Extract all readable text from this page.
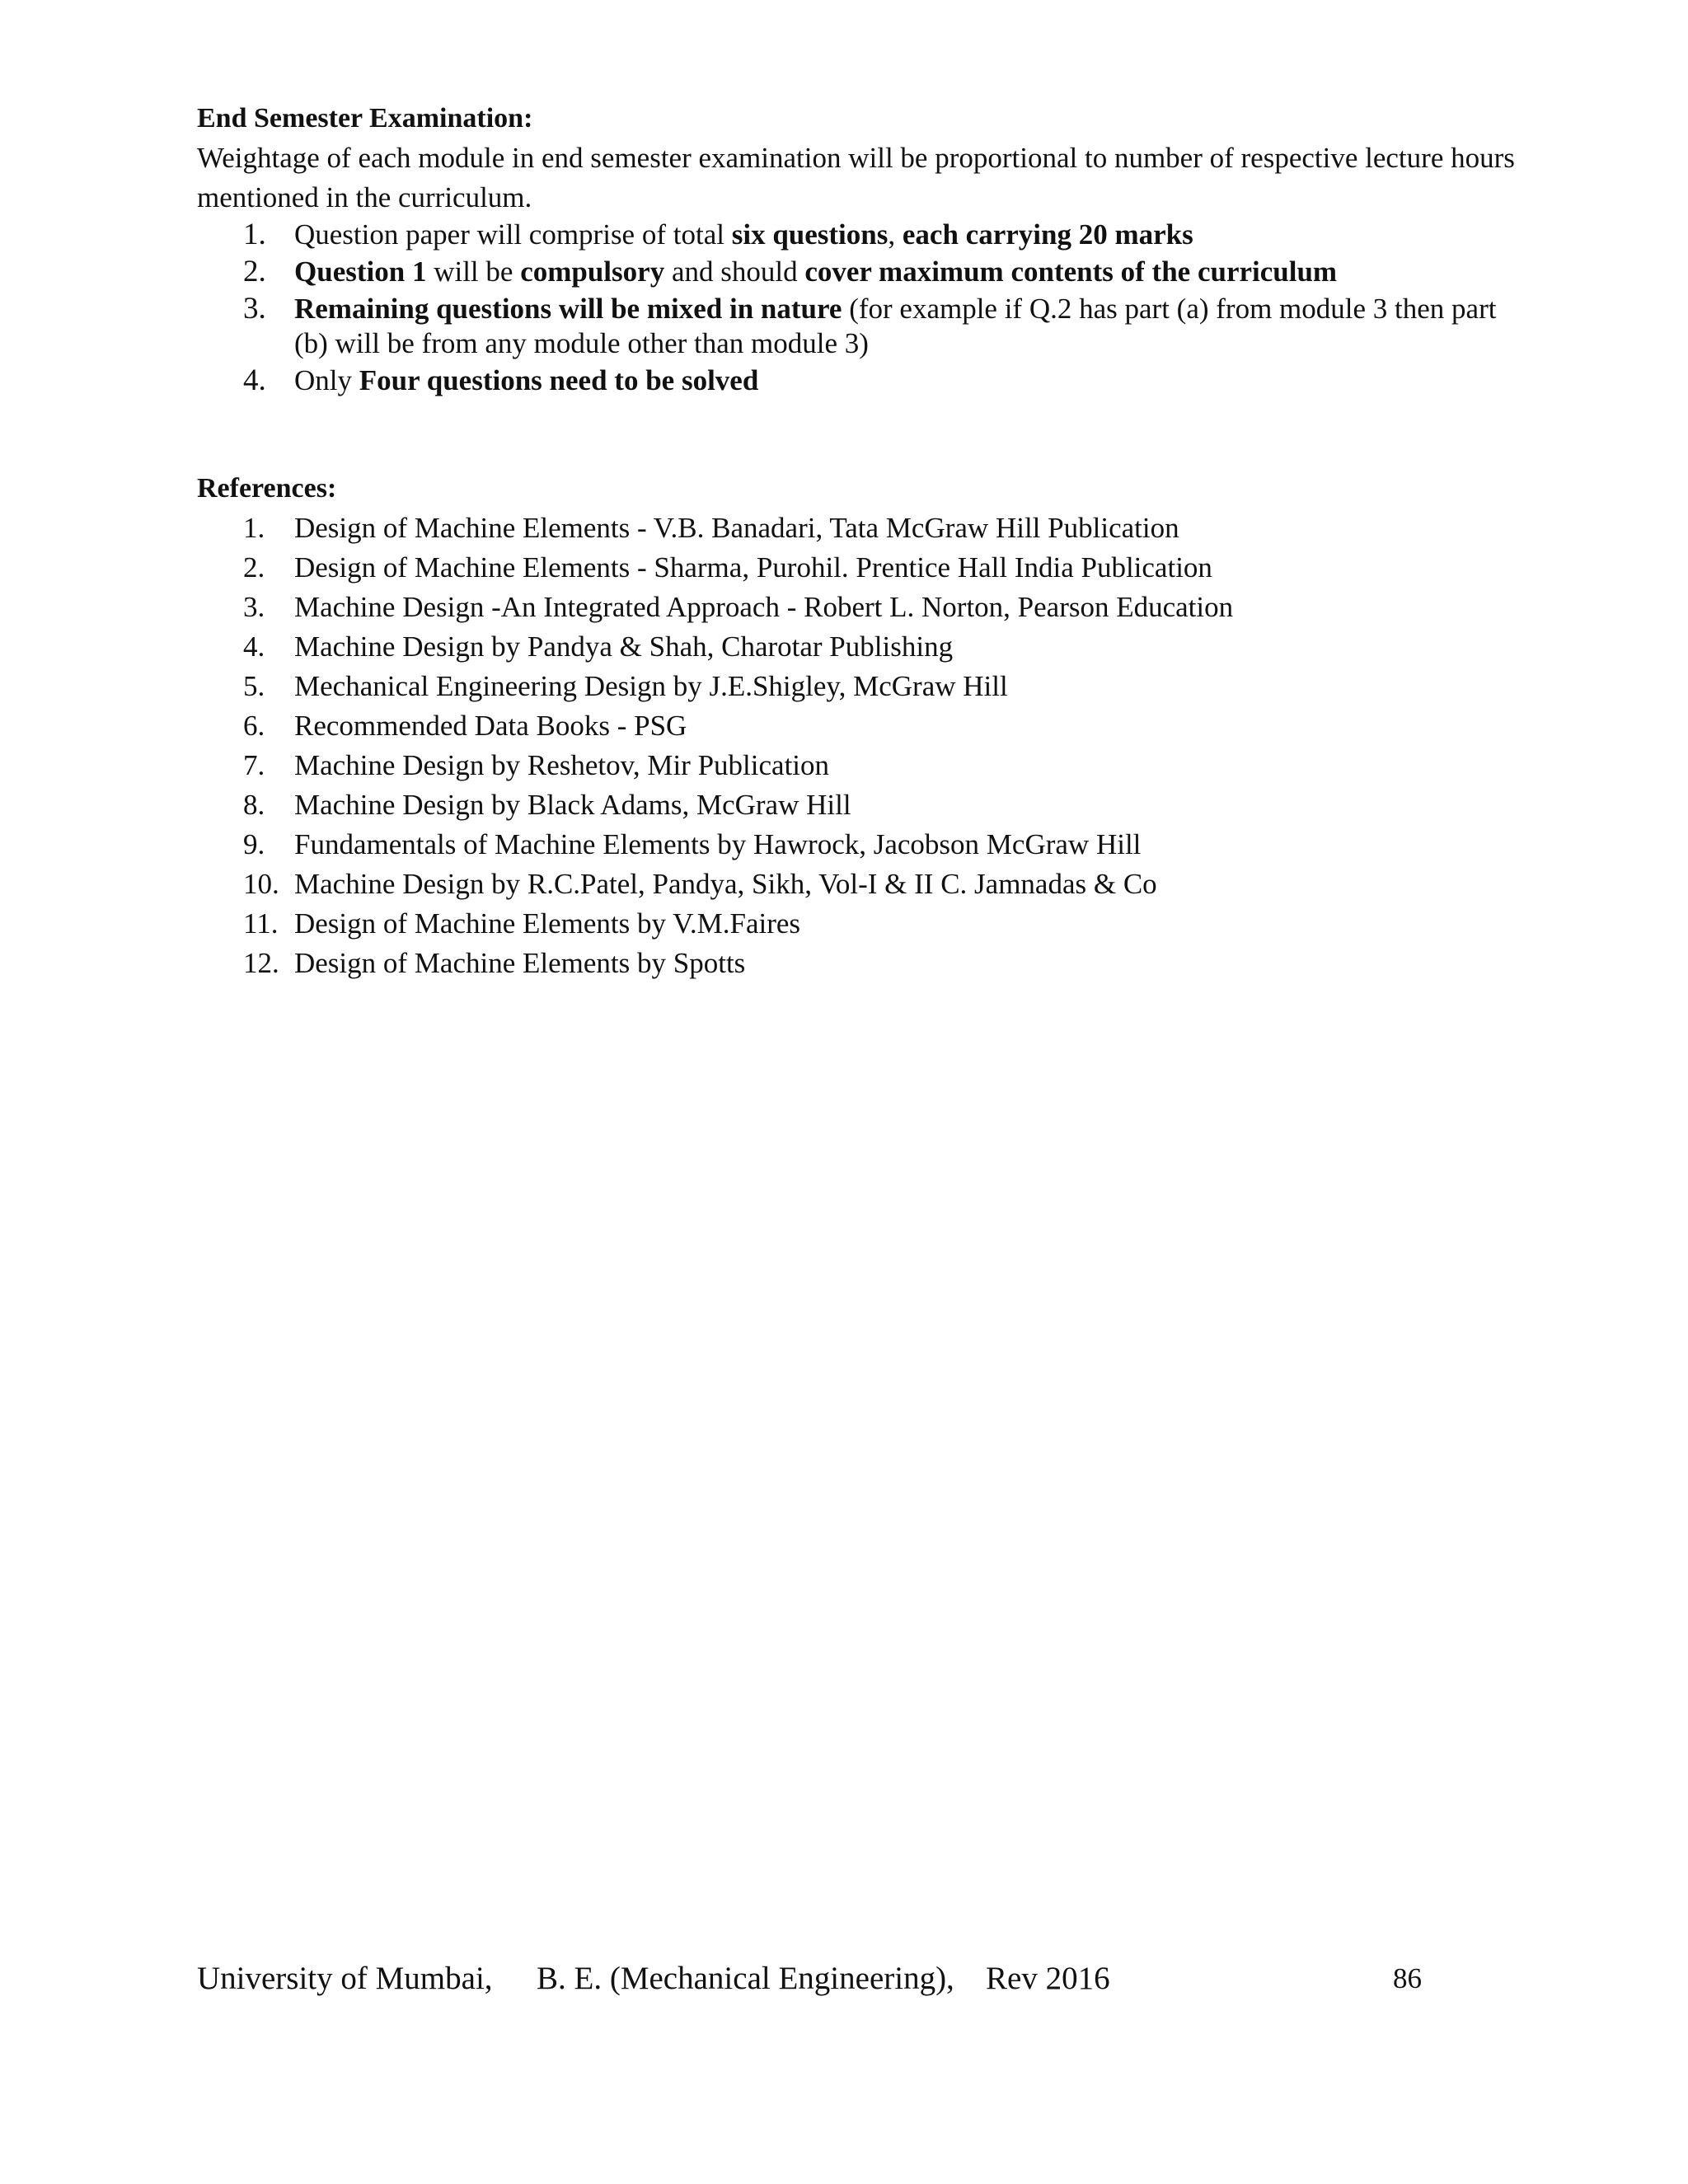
End Semester Examination:

Weightage of each module in end semester examination will be proportional to number of respective lecture hours mentioned in the curriculum.

1. Question paper will comprise of total six questions, each carrying 20 marks
2. Question 1 will be compulsory and should cover maximum contents of the curriculum
3. Remaining questions will be mixed in nature (for example if Q.2 has part (a) from module 3 then part (b) will be from any module other than module 3)
4. Only Four questions need to be solved

References:

1. Design of Machine Elements - V.B. Banadari, Tata McGraw Hill Publication
2. Design of Machine Elements - Sharma, Purohil. Prentice Hall India Publication
3. Machine Design -An Integrated Approach - Robert L. Norton, Pearson Education
4. Machine Design by Pandya & Shah, Charotar Publishing
5. Mechanical Engineering Design by J.E.Shigley, McGraw Hill
6. Recommended Data Books - PSG
7. Machine Design by Reshetov, Mir Publication
8. Machine Design by Black Adams, McGraw Hill
9. Fundamentals of Machine Elements by Hawrock, Jacobson McGraw Hill
10. Machine Design by R.C.Patel, Pandya, Sikh, Vol-I & II C. Jamnadas & Co
11. Design of Machine Elements by V.M.Faires
12. Design of Machine Elements by Spotts
University of Mumbai, B. E. (Mechanical Engineering), Rev 2016	86
